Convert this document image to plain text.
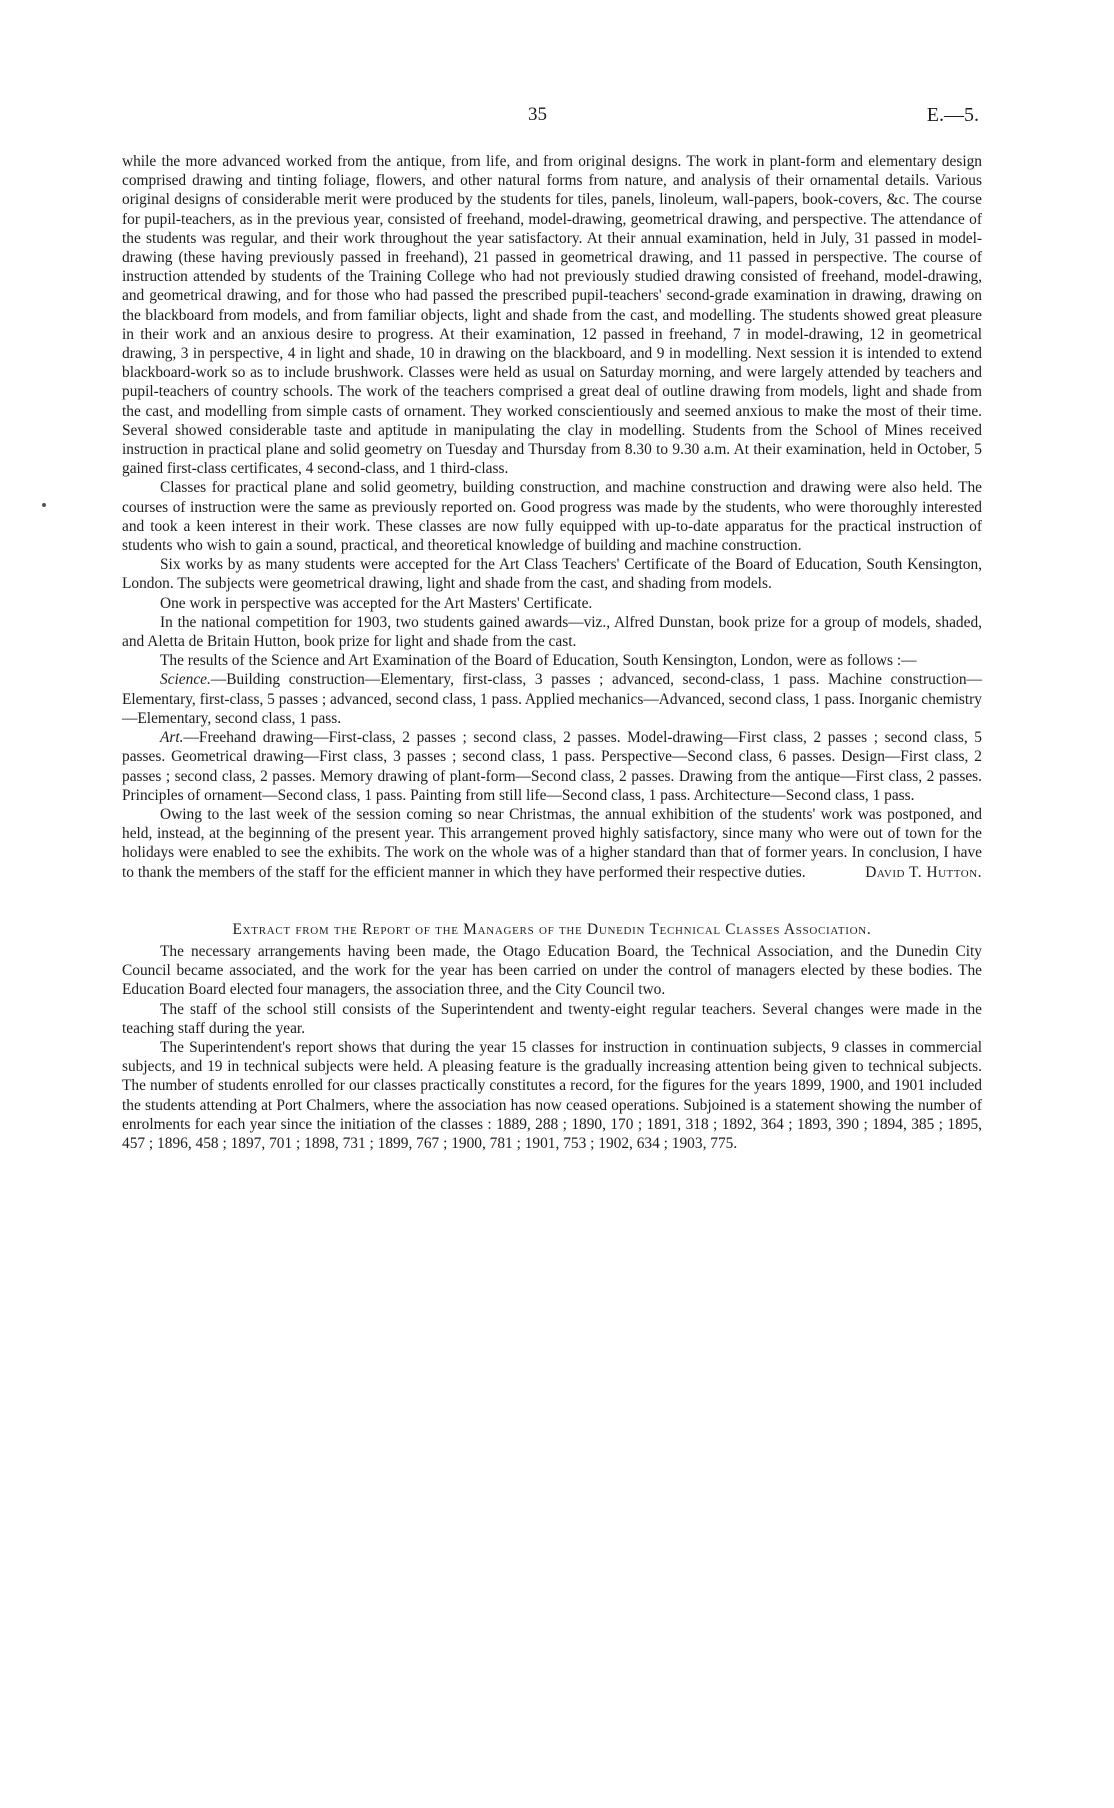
35	E.—5.

while the more advanced worked from the antique, from life, and from original designs. The work in plant-form and elementary design comprised drawing and tinting foliage, flowers, and other natural forms from nature, and analysis of their ornamental details. Various original designs of considerable merit were produced by the students for tiles, panels, linoleum, wall-papers, book-covers, &c. The course for pupil-teachers, as in the previous year, consisted of freehand, model-drawing, geometrical drawing, and perspective. The attendance of the students was regular, and their work throughout the year satisfactory. At their annual examination, held in July, 31 passed in model-drawing (these having previously passed in freehand), 21 passed in geometrical drawing, and 11 passed in perspective. The course of instruction attended by students of the Training College who had not previously studied drawing consisted of freehand, model-drawing, and geometrical drawing, and for those who had passed the prescribed pupil-teachers' second-grade examination in drawing, drawing on the blackboard from models, and from familiar objects, light and shade from the cast, and modelling. The students showed great pleasure in their work and an anxious desire to progress. At their examination, 12 passed in freehand, 7 in model-drawing, 12 in geometrical drawing, 3 in perspective, 4 in light and shade, 10 in drawing on the blackboard, and 9 in modelling. Next session it is intended to extend blackboard-work so as to include brushwork. Classes were held as usual on Saturday morning, and were largely attended by teachers and pupil-teachers of country schools. The work of the teachers comprised a great deal of outline drawing from models, light and shade from the cast, and modelling from simple casts of ornament. They worked conscientiously and seemed anxious to make the most of their time. Several showed considerable taste and aptitude in manipulating the clay in modelling. Students from the School of Mines received instruction in practical plane and solid geometry on Tuesday and Thursday from 8.30 to 9.30 a.m. At their examination, held in October, 5 gained first-class certificates, 4 second-class, and 1 third-class.

Classes for practical plane and solid geometry, building construction, and machine construction and drawing were also held. The courses of instruction were the same as previously reported on. Good progress was made by the students, who were thoroughly interested and took a keen interest in their work. These classes are now fully equipped with up-to-date apparatus for the practical instruction of students who wish to gain a sound, practical, and theoretical knowledge of building and machine construction.

Six works by as many students were accepted for the Art Class Teachers' Certificate of the Board of Education, South Kensington, London. The subjects were geometrical drawing, light and shade from the cast, and shading from models.

One work in perspective was accepted for the Art Masters' Certificate.

In the national competition for 1903, two students gained awards—viz., Alfred Dunstan, book prize for a group of models, shaded, and Aletta de Britain Hutton, book prize for light and shade from the cast.

The results of the Science and Art Examination of the Board of Education, South Kensington, London, were as follows :—

Science.—Building construction—Elementary, first-class, 3 passes ; advanced, second-class, 1 pass. Machine construction—Elementary, first-class, 5 passes ; advanced, second class, 1 pass. Applied mechanics—Advanced, second class, 1 pass. Inorganic chemistry—Elementary, second class, 1 pass.

Art.—Freehand drawing—First-class, 2 passes ; second class, 2 passes. Model-drawing—First class, 2 passes ; second class, 5 passes. Geometrical drawing—First class, 3 passes ; second class, 1 pass. Perspective—Second class, 6 passes. Design—First class, 2 passes ; second class, 2 passes. Memory drawing of plant-form—Second class, 2 passes. Drawing from the antique—First class, 2 passes. Principles of ornament—Second class, 1 pass. Painting from still life—Second class, 1 pass. Architecture—Second class, 1 pass.

Owing to the last week of the session coming so near Christmas, the annual exhibition of the students' work was postponed, and held, instead, at the beginning of the present year. This arrangement proved highly satisfactory, since many who were out of town for the holidays were enabled to see the exhibits. The work on the whole was of a higher standard than that of former years. In conclusion, I have to thank the members of the staff for the efficient manner in which they have performed their respective duties.	David T. Hutton.

Extract from the Report of the Managers of the Dunedin Technical Classes Association.

The necessary arrangements having been made, the Otago Education Board, the Technical Association, and the Dunedin City Council became associated, and the work for the year has been carried on under the control of managers elected by these bodies. The Education Board elected four managers, the association three, and the City Council two.

The staff of the school still consists of the Superintendent and twenty-eight regular teachers. Several changes were made in the teaching staff during the year.

The Superintendent's report shows that during the year 15 classes for instruction in continuation subjects, 9 classes in commercial subjects, and 19 in technical subjects were held. A pleasing feature is the gradually increasing attention being given to technical subjects. The number of students enrolled for our classes practically constitutes a record, for the figures for the years 1899, 1900, and 1901 included the students attending at Port Chalmers, where the association has now ceased operations. Subjoined is a statement showing the number of enrolments for each year since the initiation of the classes : 1889, 288 ; 1890, 170 ; 1891, 318 ; 1892, 364 ; 1893, 390 ; 1894, 385 ; 1895, 457 ; 1896, 458 ; 1897, 701 ; 1898, 731 ; 1899, 767 ; 1900, 781 ; 1901, 753 ; 1902, 634 ; 1903, 775.
